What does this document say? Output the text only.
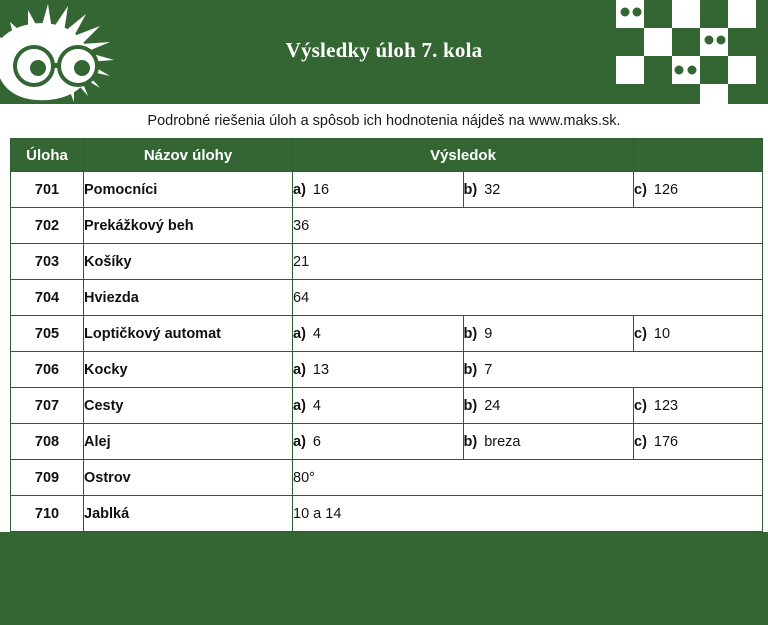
Výsledky úloh 7. kola
Podrobné riešenia úloh a spôsob ich hodnotenia nájdeš na www.maks.sk.
Úloha	Názov úlohy	Výsledok		
701	Pomocníci	a) 16	b) 32	c) 126
702	Prekážkový beh	36		
703	Košíky	21		
704	Hviezda	64		
705	Loptičkový automat	a) 4	b) 9	c) 10
706	Kocky	a) 13	b) 7	
707	Cesty	a) 4	b) 24	c) 123
708	Alej	a) 6	b) breza	c) 176
709	Ostrov	80°		
710	Jablká	10 a 14		
